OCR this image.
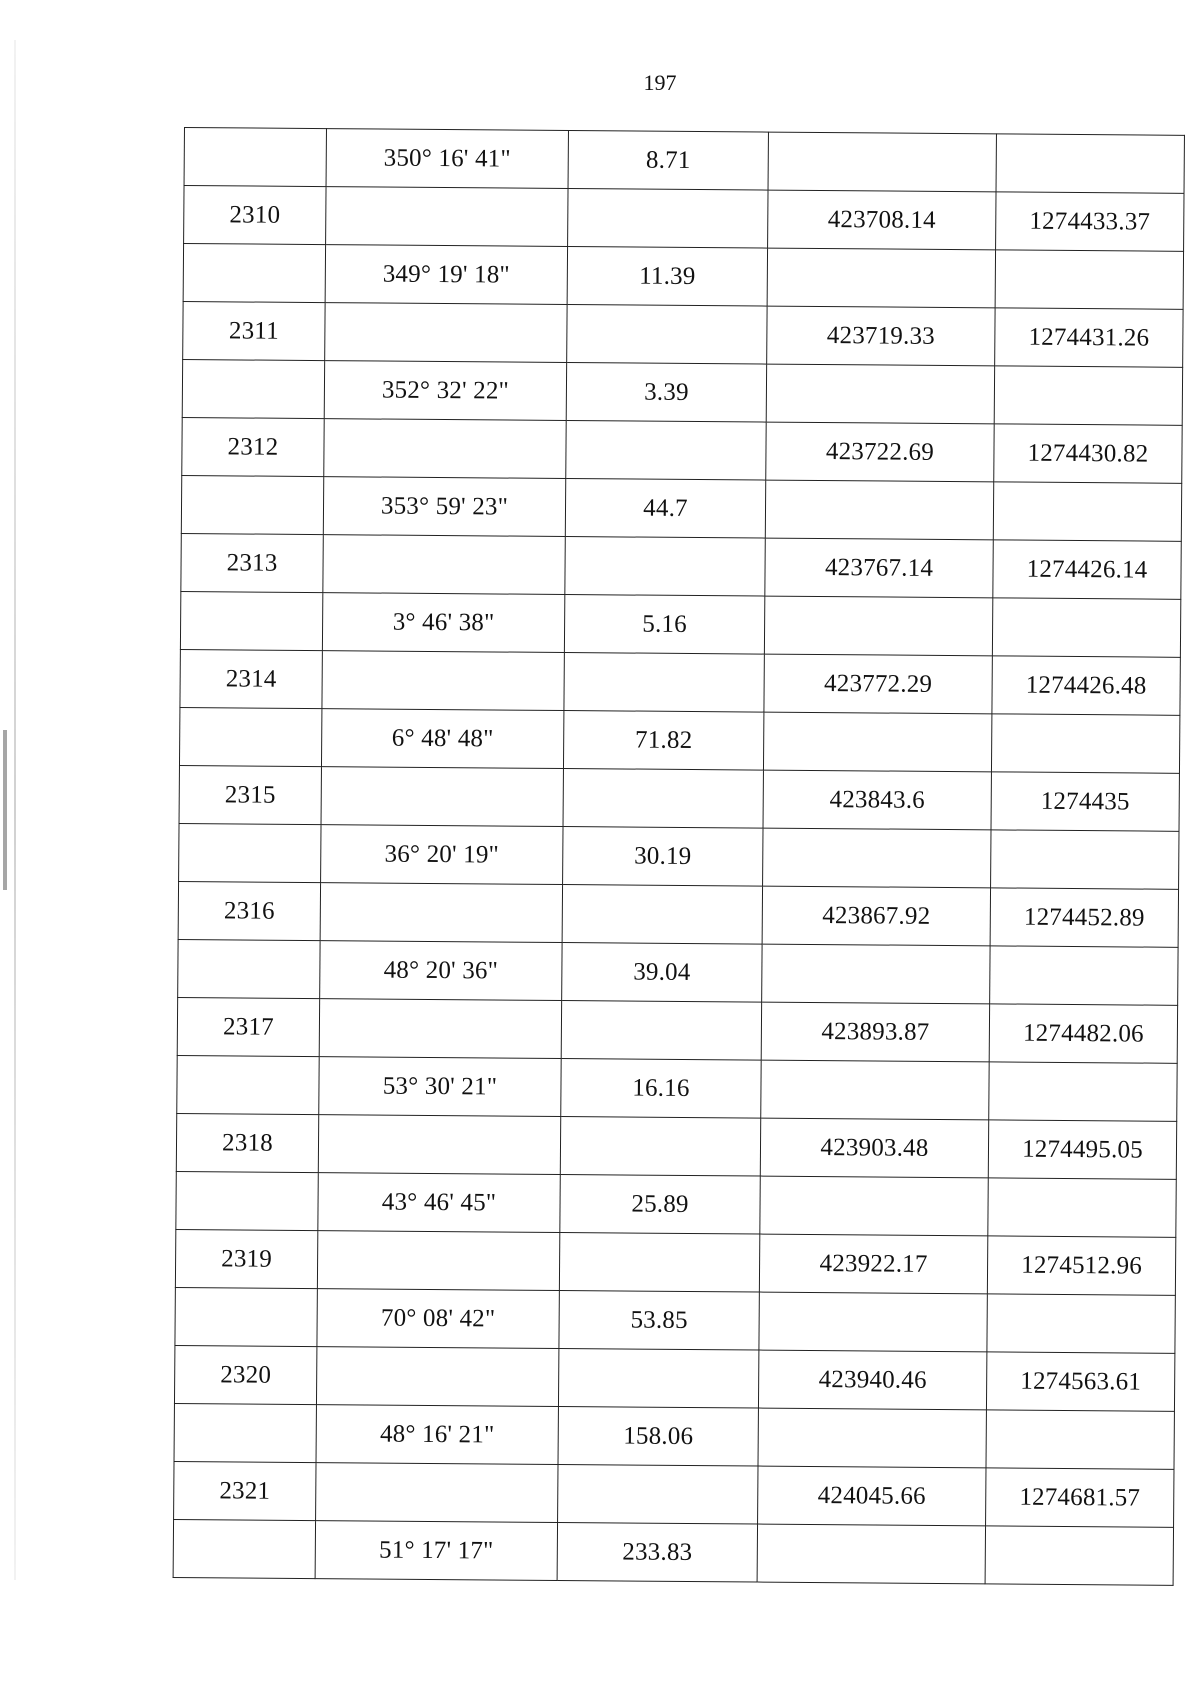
197
	350° 16' 41"	8.71		
2310			423708.14	1274433.37
	349° 19' 18"	11.39		
2311			423719.33	1274431.26
	352° 32' 22"	3.39		
2312			423722.69	1274430.82
	353° 59' 23"	44.7		
2313			423767.14	1274426.14
	3° 46' 38"	5.16		
2314			423772.29	1274426.48
	6° 48' 48"	71.82		
2315			423843.6	1274435
	36° 20' 19"	30.19		
2316			423867.92	1274452.89
	48° 20' 36"	39.04		
2317			423893.87	1274482.06
	53° 30' 21"	16.16		
2318			423903.48	1274495.05
	43° 46' 45"	25.89		
2319			423922.17	1274512.96
	70° 08' 42"	53.85		
2320			423940.46	1274563.61
	48° 16' 21"	158.06		
2321			424045.66	1274681.57
	51° 17' 17"	233.83		
